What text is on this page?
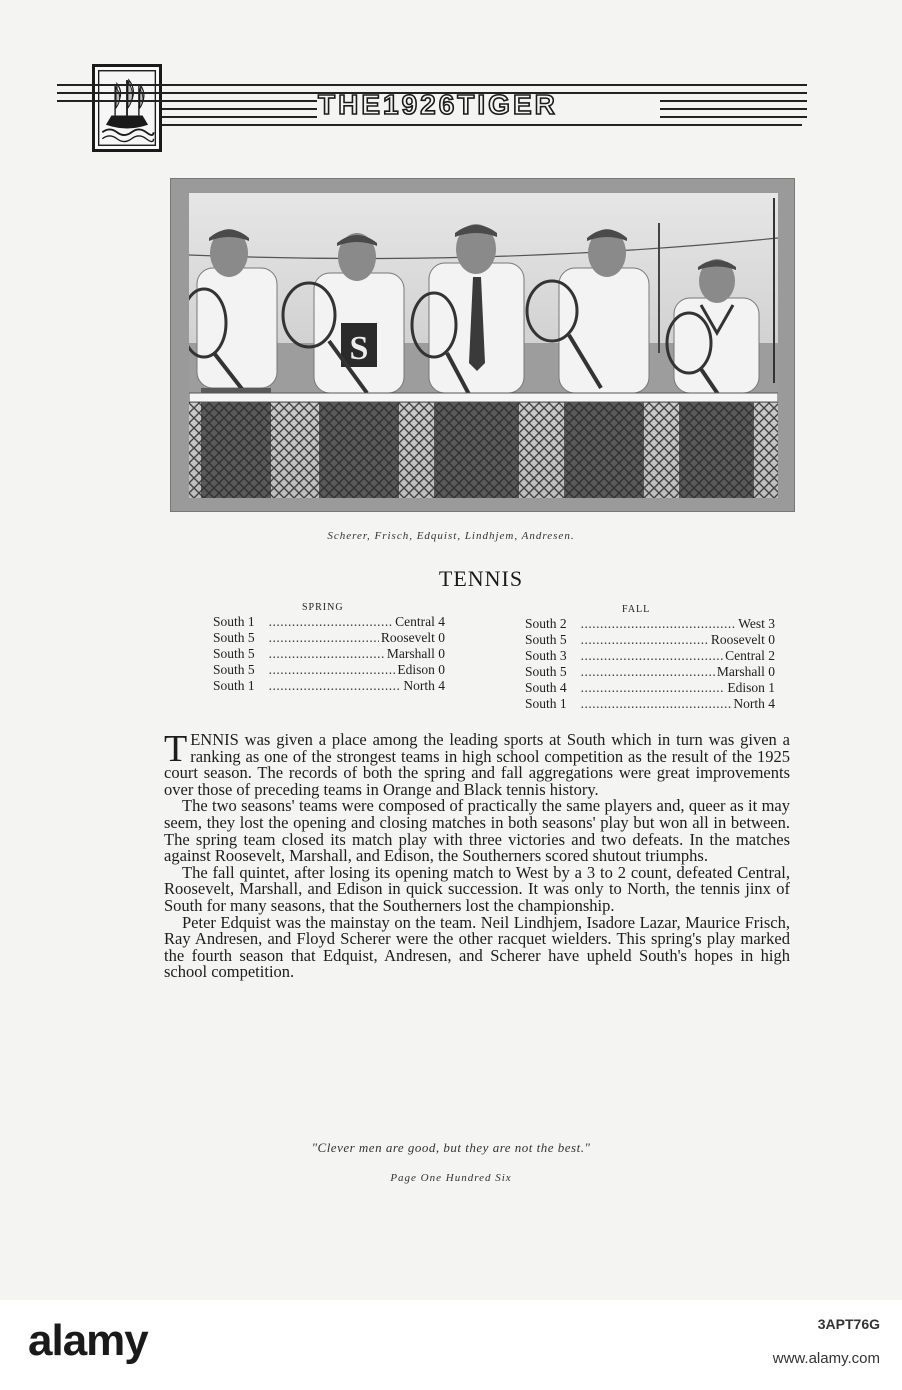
THE1926TIGER
S
Scherer, Frisch, Edquist, Lindhjem, Andresen.
TENNIS
SPRING
South 1 .....	Central 4
South 5 .....	Roosevelt 0
South 5 .....	Marshall 0
South 5 .....	Edison 0
South 1 .....	North 4
FALL
South 2 .....	West 3
South 5 .....	Roosevelt 0
South 3 .....	Central 2
South 5 .....	Marshall 0
South 4 .....	Edison 1
South 1 .....	North 4

TENNIS was given a place among the leading sports at South which in turn was given a ranking as one of the strongest teams in high school competition as the result of the 1925 court season. The records of both the spring and fall aggregations were great improvements over those of preceding teams in Orange and Black tennis history.

The two seasons' teams were composed of practically the same players and, queer as it may seem, they lost the opening and closing matches in both seasons' play but won all in between. The spring team closed its match play with three victories and two defeats. In the matches against Roosevelt, Marshall, and Edison, the Southerners scored shutout triumphs.

The fall quintet, after losing its opening match to West by a 3 to 2 count, defeated Central, Roosevelt, Marshall, and Edison in quick succession. It was only to North, the tennis jinx of South for many seasons, that the Southerners lost the championship.

Peter Edquist was the mainstay on the team. Neil Lindhjem, Isadore Lazar, Maurice Frisch, Ray Andresen, and Floyd Scherer were the other racquet wielders. This spring's play marked the fourth season that Edquist, Andresen, and Scherer have upheld South's hopes in high school competition.

"Clever men are good, but they are not the best."
Page One Hundred Six
alamy	3APT76G
www.alamy.com
